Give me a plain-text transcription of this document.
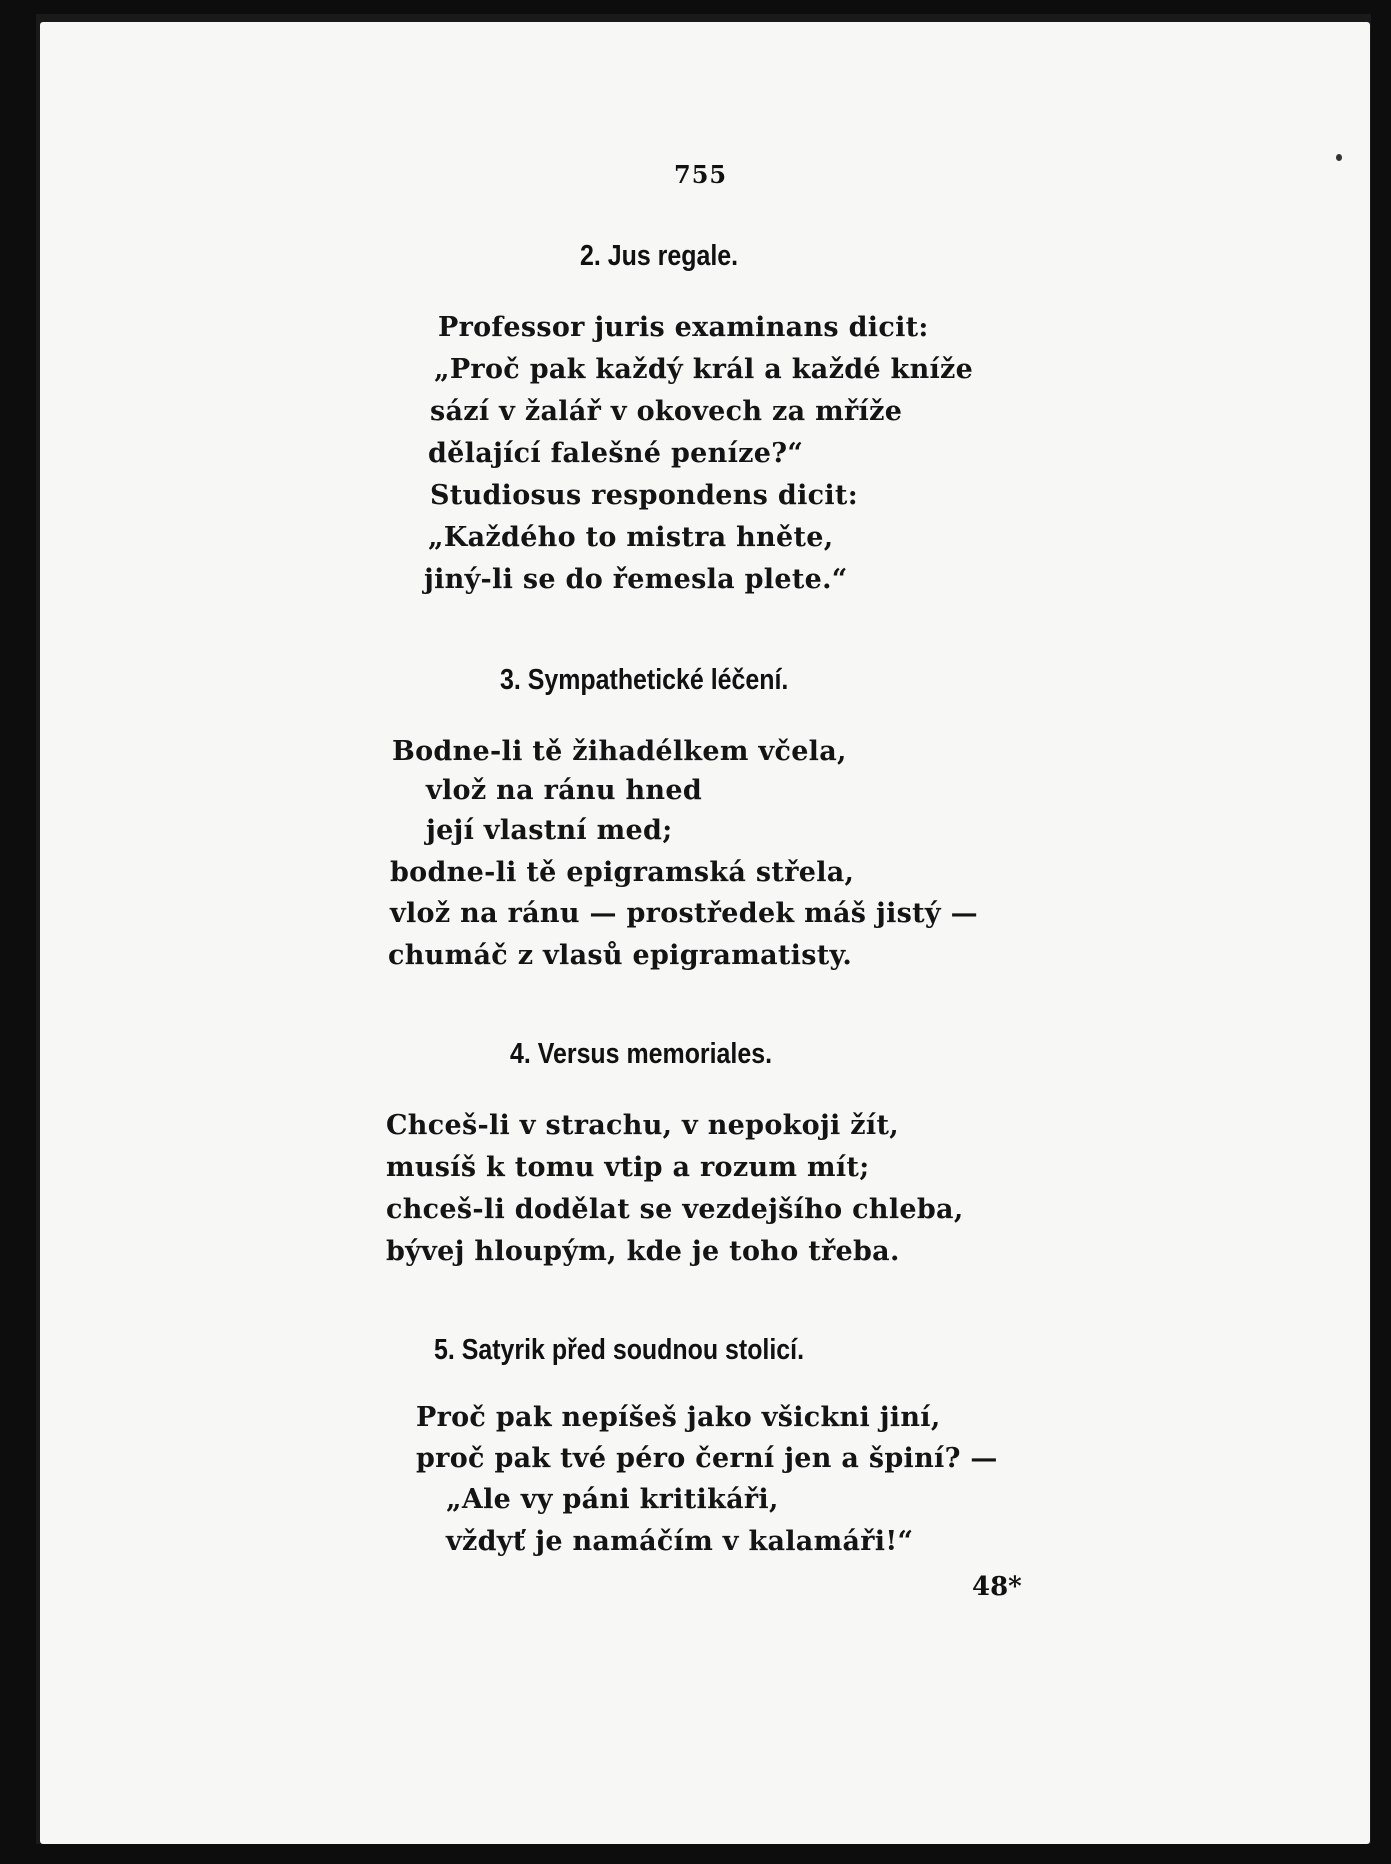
755
2. Jus regale.
Professor juris examinans dicit:
„Proč pak každý král a každé kníže
sází v žalář v okovech za mříže
dělající falešné peníze?“
Studiosus respondens dicit:
„Každého to mistra hněte,
jiný-li se do řemesla plete.“
3. Sympathetické léčení.
Bodne-li tě žihadélkem včela,
vlož na ránu hned
její vlastní med;
bodne-li tě epigramská střela,
vlož na ránu — prostředek máš jistý —
chumáč z vlasů epigramatisty.
4. Versus memoriales.
Chceš-li v strachu, v nepokoji žít,
musíš k tomu vtip a rozum mít;
chceš-li dodělat se vezdejšího chleba,
bývej hloupým, kde je toho třeba.
5. Satyrik před soudnou stolicí.
Proč pak nepíšeš jako všickni jiní,
proč pak tvé péro černí jen a špiní? —
„Ale vy páni kritikáři,
vždyť je namáčím v kalamáři!“
48*
